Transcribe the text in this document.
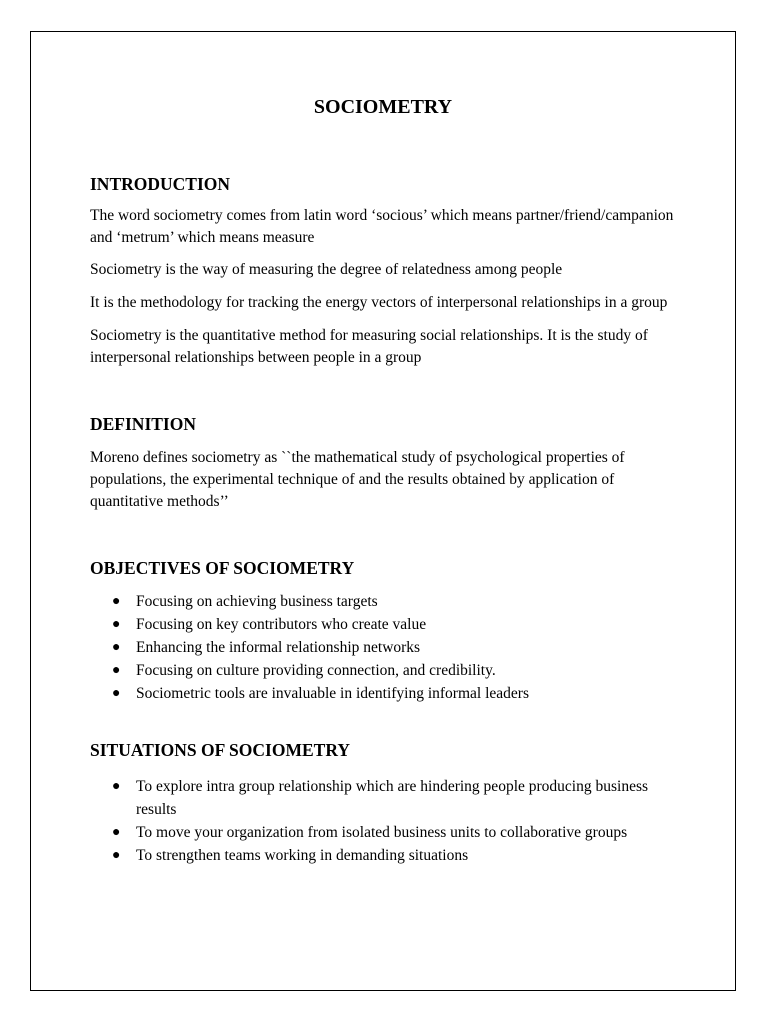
SOCIOMETRY
INTRODUCTION

The word sociometry comes from latin word ‘socious’ which means partner/friend/campanion and ‘metrum’ which means measure

Sociometry is the way of measuring the degree of relatedness among people

It is the methodology for tracking the energy vectors of interpersonal relationships in a group

Sociometry is the quantitative method for measuring social relationships. It is the study of interpersonal relationships between people in a group

DEFINITION

Moreno defines sociometry as ``the mathematical study of psychological properties of populations, the experimental technique of and the results obtained by application of quantitative methods’’

OBJECTIVES OF SOCIOMETRY
● Focusing on achieving business targets
● Focusing on key contributors who create value
● Enhancing the informal relationship networks
● Focusing on culture providing connection, and credibility.
● Sociometric tools are invaluable in identifying informal leaders
SITUATIONS OF SOCIOMETRY
● To explore intra group relationship which are hindering people producing business results
● To move your organization from isolated business units to collaborative groups
● To strengthen teams working in demanding situations
